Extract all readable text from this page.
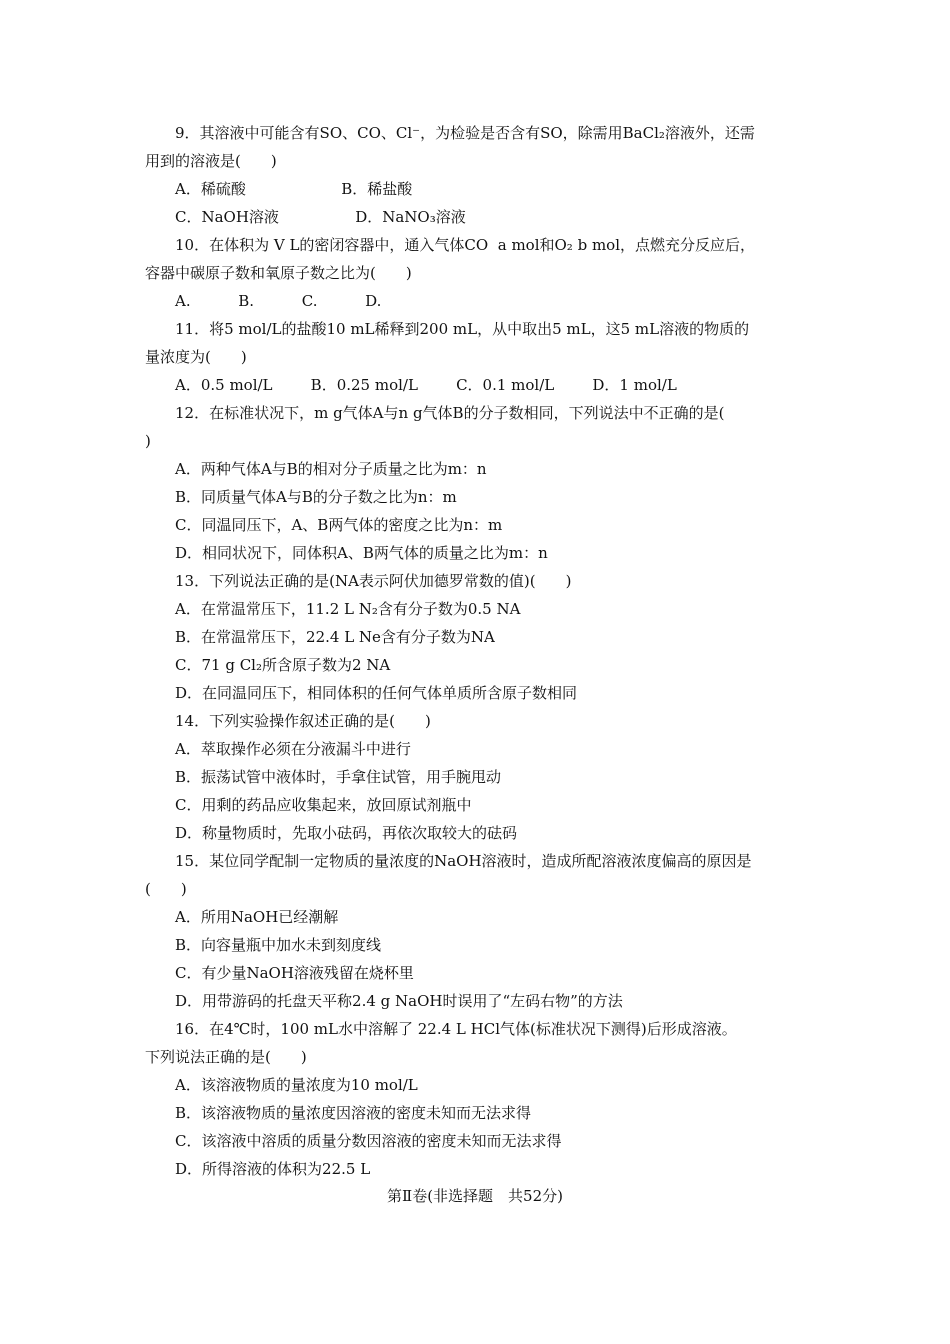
9．其溶液中可能含有SO、CO、Cl⁻，为检验是否含有SO，除需用BaCl₂溶液外，还需
用到的溶液是(　　)
A．稀硫酸                    B．稀盐酸
C．NaOH溶液                D．NaNO₃溶液
10．在体积为 V L的密闭容器中，通入气体CO  a mol和O₂ b mol，点燃充分反应后，
容器中碳原子数和氧原子数之比为(　　)
A.          B.          C.          D.
11．将5 mol/L的盐酸10 mL稀释到200 mL，从中取出5 mL，这5 mL溶液的物质的
量浓度为(　　)
A．0.5 mol/L        B．0.25 mol/L        C．0.1 mol/L        D．1 mol/L
12．在标准状况下，m g气体A与n g气体B的分子数相同，下列说法中不正确的是(
)
A．两种气体A与B的相对分子质量之比为m：n
B．同质量气体A与B的分子数之比为n：m
C．同温同压下，A、B两气体的密度之比为n：m
D．相同状况下，同体积A、B两气体的质量之比为m：n
13．下列说法正确的是(NA表示阿伏加德罗常数的值)(　　)
A．在常温常压下，11.2 L N₂含有分子数为0.5 NA
B．在常温常压下，22.4 L Ne含有分子数为NA
C．71 g Cl₂所含原子数为2 NA
D．在同温同压下，相同体积的任何气体单质所含原子数相同
14．下列实验操作叙述正确的是(　　)
A．萃取操作必须在分液漏斗中进行
B．振荡试管中液体时，手拿住试管，用手腕甩动
C．用剩的药品应收集起来，放回原试剂瓶中
D．称量物质时，先取小砝码，再依次取较大的砝码
15．某位同学配制一定物质的量浓度的NaOH溶液时，造成所配溶液浓度偏高的原因是
(　　)
A．所用NaOH已经潮解
B．向容量瓶中加水未到刻度线
C．有少量NaOH溶液残留在烧杯里
D．用带游码的托盘天平称2.4 g NaOH时误用了“左码右物”的方法
16．在4℃时，100 mL水中溶解了 22.4 L HCl气体(标准状况下测得)后形成溶液。
下列说法正确的是(　　)
A．该溶液物质的量浓度为10 mol/L
B．该溶液物质的量浓度因溶液的密度未知而无法求得
C．该溶液中溶质的质量分数因溶液的密度未知而无法求得
D．所得溶液的体积为22.5 L
第Ⅱ卷(非选择题　共52分)
